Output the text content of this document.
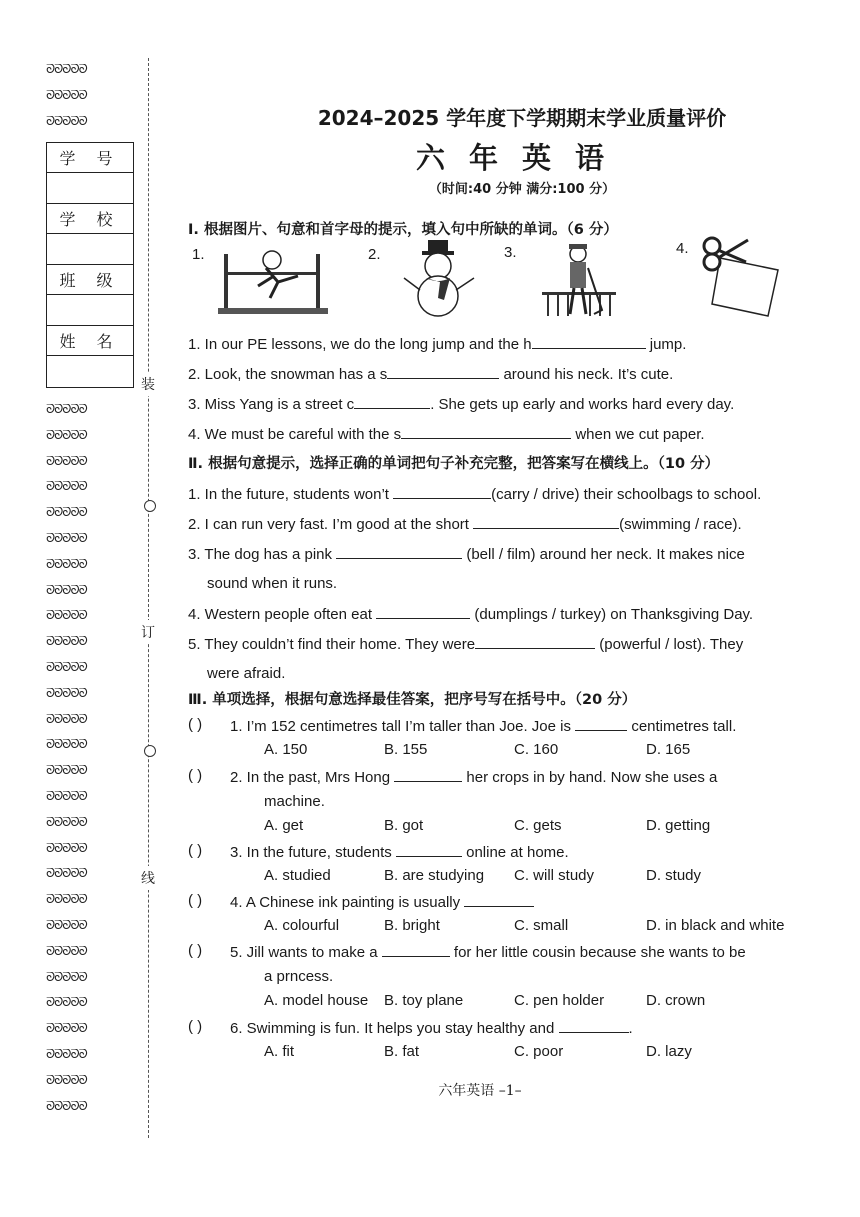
ᘐᘐᘐᘐᘐ
ᘐᘐᘐᘐᘐ
ᘐᘐᘐᘐᘐ
学 号
学 校
班 级
姓 名
ᘐᘐᘐᘐᘐ
ᘐᘐᘐᘐᘐ
ᘐᘐᘐᘐᘐ
ᘐᘐᘐᘐᘐ
ᘐᘐᘐᘐᘐ
ᘐᘐᘐᘐᘐ
ᘐᘐᘐᘐᘐ
ᘐᘐᘐᘐᘐ
ᘐᘐᘐᘐᘐ
ᘐᘐᘐᘐᘐ
ᘐᘐᘐᘐᘐ
ᘐᘐᘐᘐᘐ
ᘐᘐᘐᘐᘐ
ᘐᘐᘐᘐᘐ
ᘐᘐᘐᘐᘐ
ᘐᘐᘐᘐᘐ
ᘐᘐᘐᘐᘐ
ᘐᘐᘐᘐᘐ
ᘐᘐᘐᘐᘐ
ᘐᘐᘐᘐᘐ
ᘐᘐᘐᘐᘐ
ᘐᘐᘐᘐᘐ
ᘐᘐᘐᘐᘐ
ᘐᘐᘐᘐᘐ
ᘐᘐᘐᘐᘐ
ᘐᘐᘐᘐᘐ
ᘐᘐᘐᘐᘐ
ᘐᘐᘐᘐᘐ
装
订
线
2024–2025 学年度下学期期末学业质量评价
六年英语
（时间:40 分钟 满分:100 分）
Ⅰ. 根据图片、句意和首字母的提示，填入句中所缺的单词。（6 分）
1.	2.	3.	4.
1. In our PE lessons, we do the long jump and the h	jump.
2. Look, the snowman has a s	around his neck. It’s cute.
3. Miss Yang is a street c	. She gets up early and works hard every day.
4. We must be careful with the s	when we cut paper.
Ⅱ. 根据句意提示，选择正确的单词把句子补充完整，把答案写在横线上。（10 分）
1. In the future, students won’t	(carry / drive) their schoolbags to school.
2. I can run very fast. I’m good at the short	(swimming / race).
3. The dog has a pink	(bell / film) around her neck. It makes nice
sound when it runs.
4. Western people often eat	(dumplings / turkey) on Thanksgiving Day.
5. They couldn’t find their home. They were	(powerful / lost). They
were afraid.
Ⅲ. 单项选择，根据句意选择最佳答案，把序号写在括号中。（20 分）
( ) 1. I’m 152 centimetres tall I’m taller than Joe. Joe is	centimetres tall.
A. 150	B. 155	C. 160	D. 165
( ) 2. In the past, Mrs Hong	her crops in by hand. Now she uses a
machine.
A. get	B. got	C. gets	D. getting
( ) 3. In the future, students	online at home.
A. studied	B. are studying C. will study	D. study
( ) 4. A Chinese ink painting is usually
A. colourful	B. bright	C. small	D. in black and white
( ) 5. Jill wants to make a	for her little cousin because she wants to be
a prncess.
A. model house B. toy plane	C. pen holder	D. crown
( ) 6. Swimming is fun. It helps you stay healthy and	.
A. fit	B. fat	C. poor	D. lazy
六年英语 –1–
